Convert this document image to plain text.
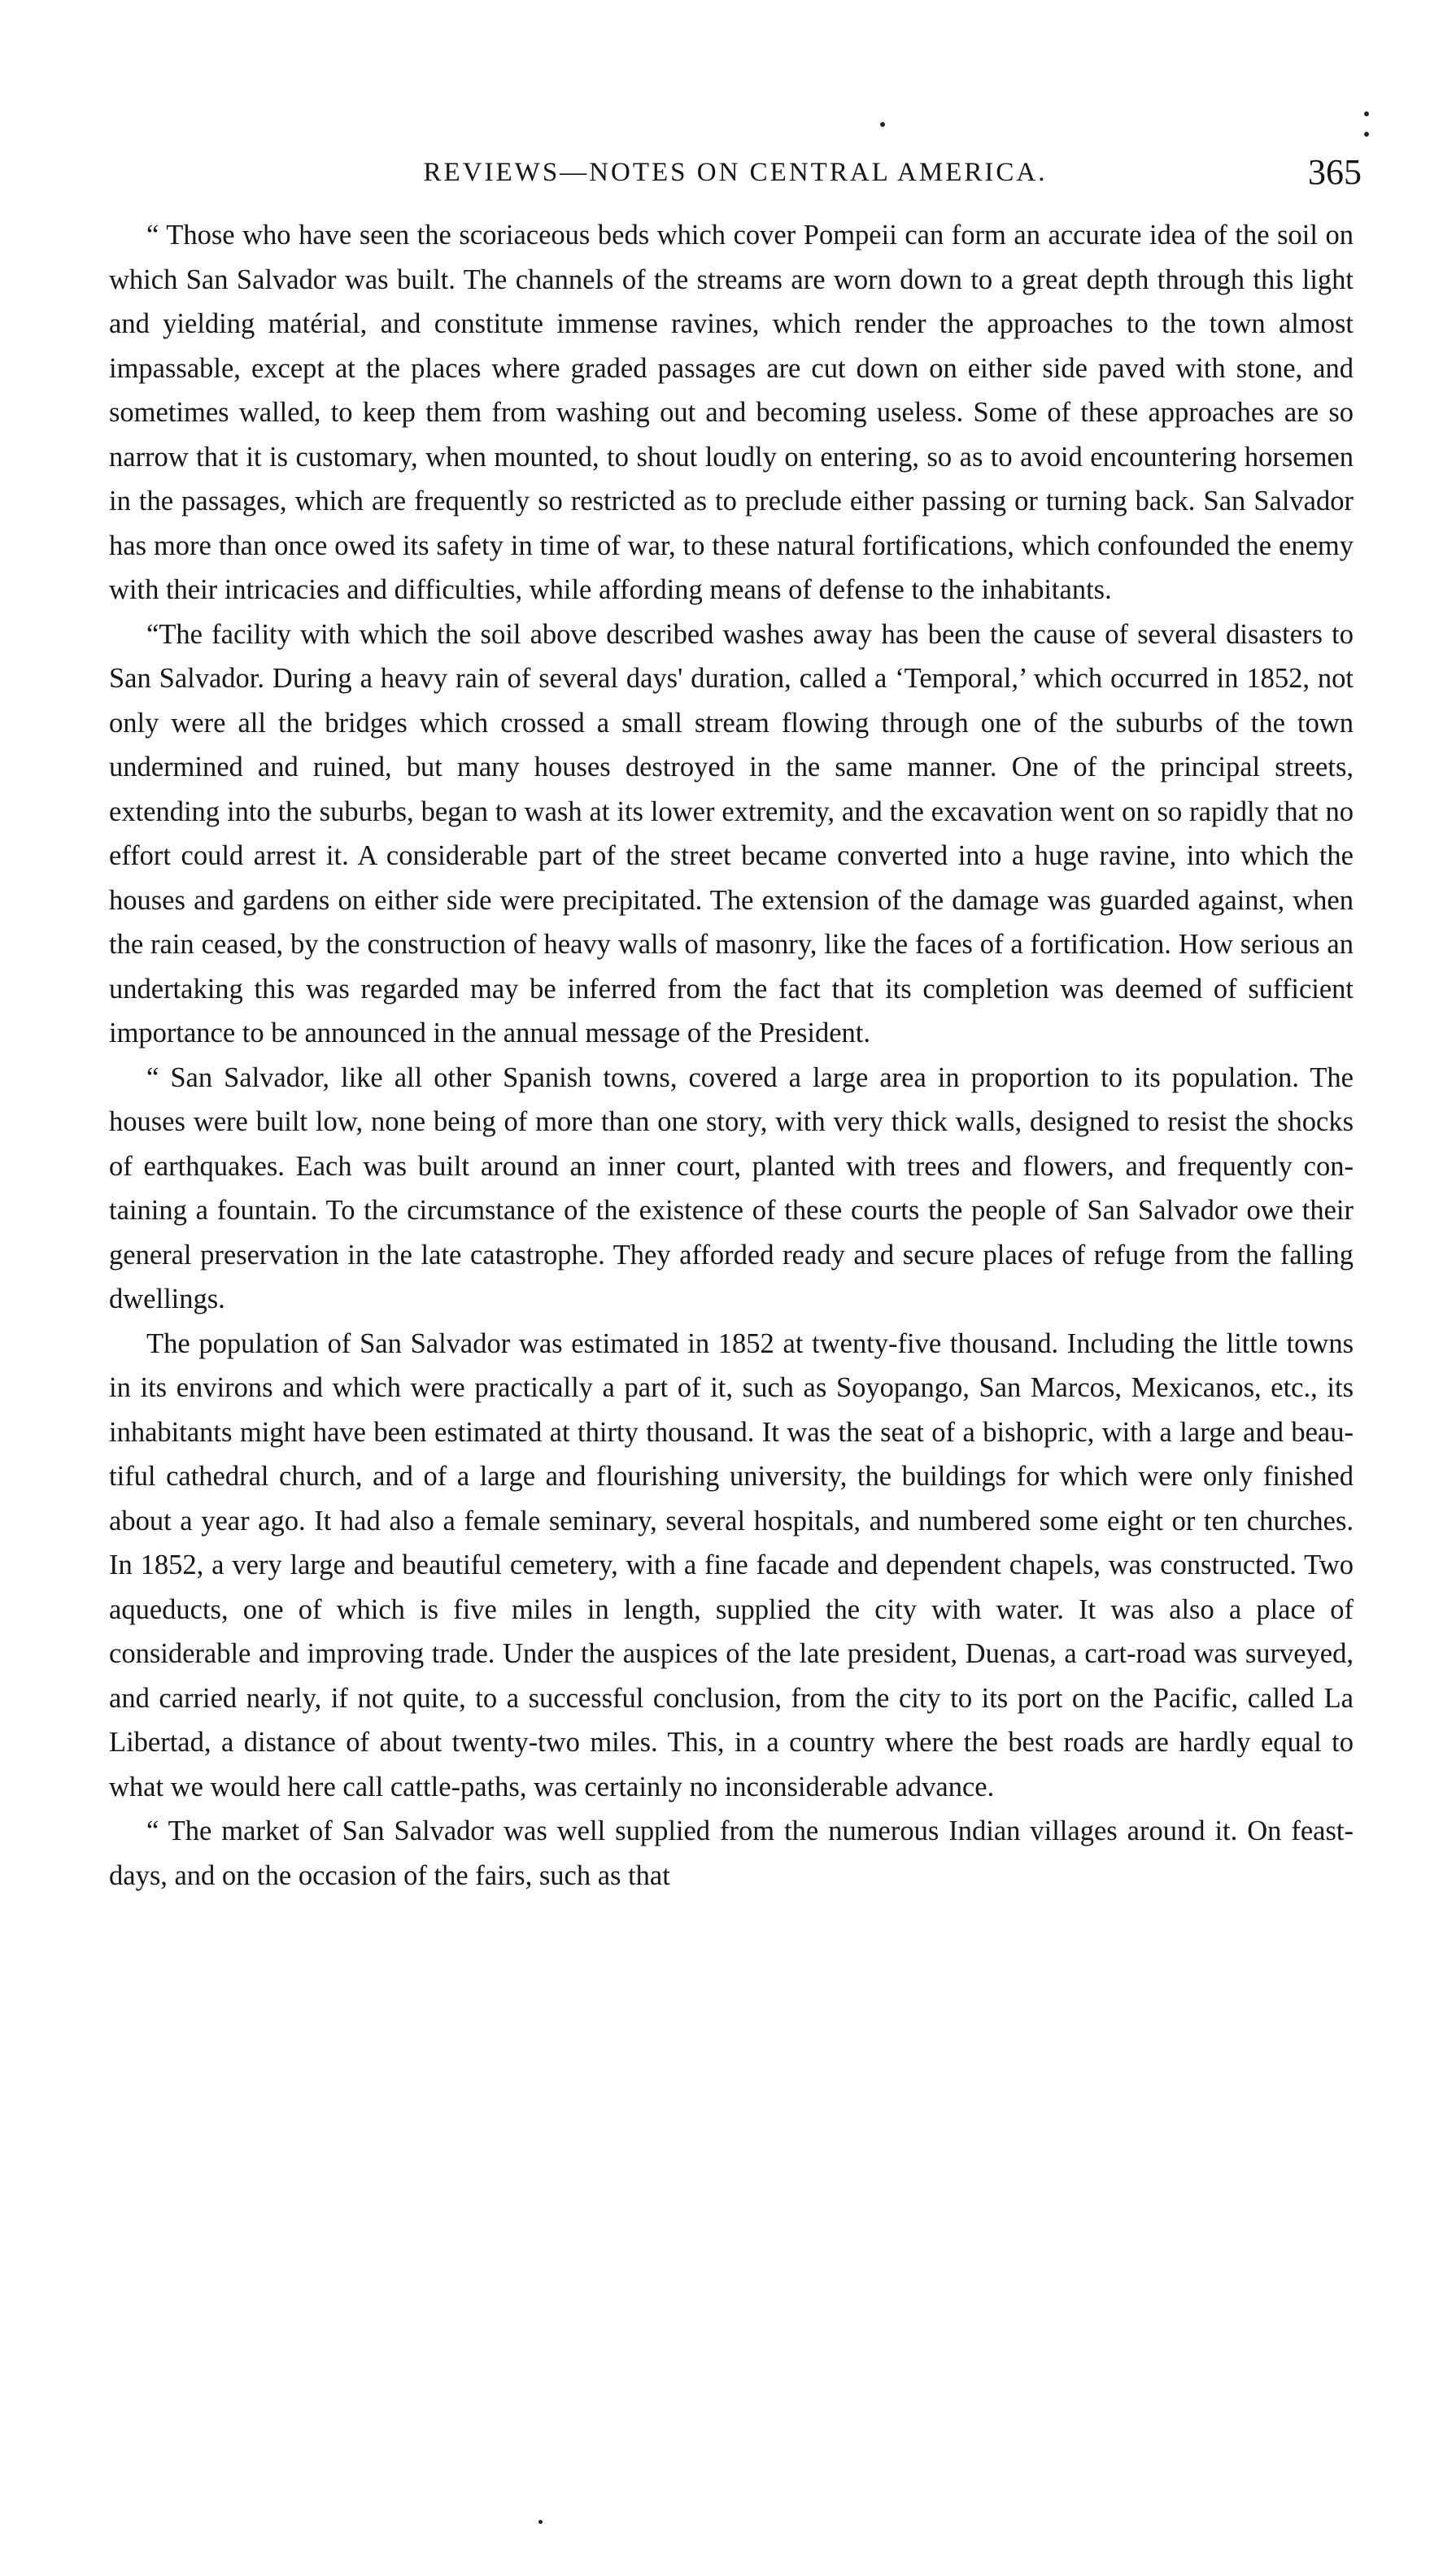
REVIEWS—NOTES ON CENTRAL AMERICA.	365

“ Those who have seen the scoriaceous beds which cover Pompeii can form an accurate idea of the soil on which San Salvador was built. The channels of the streams are worn down to a great depth through this light and yielding matérial, and constitute immense ravines, which render the approaches to the town almost impassable, except at the places where graded passages are cut down on either side paved with stone, and sometimes walled, to keep them from washing out and becoming useless. Some of these approaches are so narrow that it is customary, when mounted, to shout loudly on entering, so as to avoid encountering horsemen in the passages, which are frequently so restricted as to preclude either passing or turning back. San Salvador has more than once owed its safety in time of war, to these natural fortifications, which confounded the enemy with their intricacies and difficulties, while affording means of defense to the inhabitants.

“The facility with which the soil above described washes away has been the cause of several disasters to San Salvador. During a heavy rain of several days' duration, called a ‘Temporal,’ which occurred in 1852, not only were all the bridges which crossed a small stream flowing through one of the suburbs of the town undermined and ruined, but many houses destroyed in the same manner. One of the principal streets, extending into the suburbs, began to wash at its lower extremity, and the excavation went on so rapidly that no effort could arrest it. A considerable part of the street became converted into a huge ravine, into which the houses and gardens on either side were precipitated. The extension of the damage was guarded against, when the rain ceased, by the construction of heavy walls of masonry, like the faces of a fortification. How serious an undertaking this was regarded may be inferred from the fact that its completion was deemed of sufficient importance to be announced in the annual message of the President.

“ San Salvador, like all other Spanish towns, covered a large area in proportion to its population. The houses were built low, none being of more than one story, with very thick walls, designed to resist the shocks of earthquakes. Each was built around an inner court, planted with trees and flowers, and frequently containing a fountain. To the circumstance of the existence of these courts the people of San Salvador owe their general preservation in the late catastrophe. They afforded ready and secure places of refuge from the falling dwellings.

The population of San Salvador was estimated in 1852 at twenty-five thousand. Including the little towns in its environs and which were practically a part of it, such as Soyopango, San Marcos, Mexicanos, etc., its inhabitants might have been estimated at thirty thousand. It was the seat of a bishopric, with a large and beautiful cathedral church, and of a large and flourishing university, the buildings for which were only finished about a year ago. It had also a female seminary, several hospitals, and numbered some eight or ten churches. In 1852, a very large and beautiful cemetery, with a fine facade and dependent chapels, was constructed. Two aqueducts, one of which is five miles in length, supplied the city with water. It was also a place of considerable and improving trade. Under the auspices of the late president, Duenas, a cart-road was surveyed, and carried nearly, if not quite, to a successful conclusion, from the city to its port on the Pacific, called La Libertad, a distance of about twenty-two miles. This, in a country where the best roads are hardly equal to what we would here call cattle-paths, was certainly no inconsiderable advance.

“ The market of San Salvador was well supplied from the numerous Indian villages around it. On feast-days, and on the occasion of the fairs, such as that
